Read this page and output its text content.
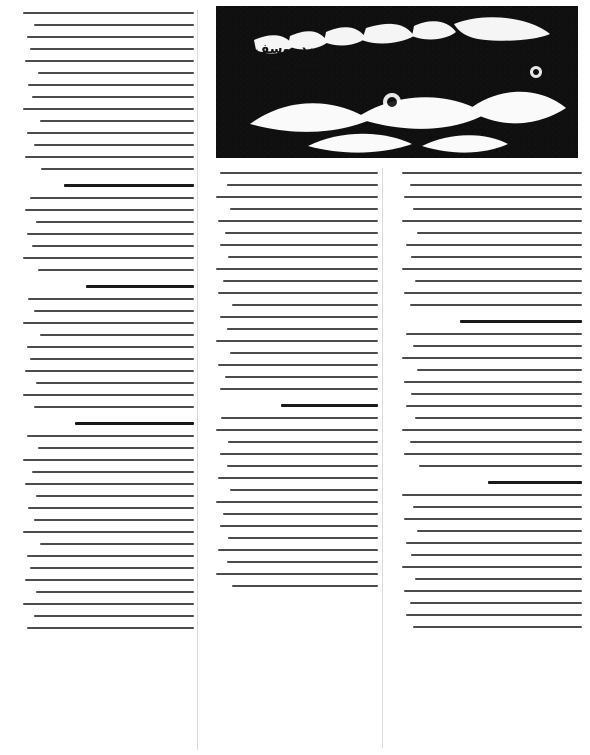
محمد یوسف اصلاحی
